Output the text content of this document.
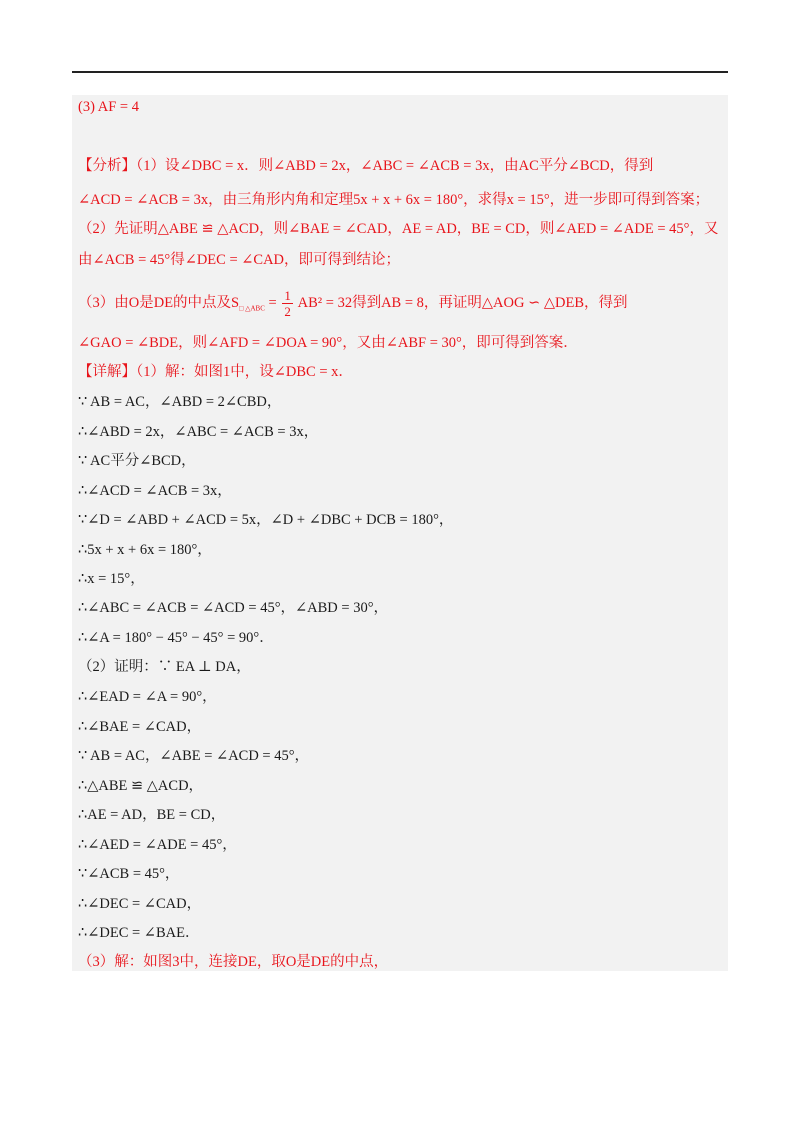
(3) AF = 4
【分析】（1）设∠DBC = x．则∠ABD = 2x，∠ABC = ∠ACB = 3x，由AC平分∠BCD，得到
∠ACD = ∠ACB = 3x，由三角形内角和定理5x + x + 6x = 180°，求得x = 15°，进一步即可得到答案；
（2）先证明△ABE ≌ △ACD，则∠BAE = ∠CAD，AE = AD，BE = CD，则∠AED = ∠ADE = 45°，又
由∠ACB = 45°得∠DEC = ∠CAD，即可得到结论；
（3）由O是DE的中点及$S_{□ \triangle ABC} = \frac{1}{2} AB^2 = 32$得到AB = 8，再证明△AOG ∽ △DEB，得到
∠GAO = ∠BDE，则∠AFD = ∠DOA = 90°，又由∠ABF = 30°，即可得到答案．
【详解】（1）解：如图1中，设∠DBC = x．
∵ AB = AC，∠ABD = 2∠CBD，
∴∠ABD = 2x，∠ABC = ∠ACB = 3x，
∵ AC平分∠BCD，
∴∠ACD = ∠ACB = 3x，
∵∠D = ∠ABD + ∠ACD = 5x，∠D + ∠DBC + DCB = 180°，
∴5x + x + 6x = 180°，
∴x = 15°，
∴∠ABC = ∠ACB = ∠ACD = 45°，∠ABD = 30°，
∴∠A = 180° − 45° − 45° = 90°．
（2）证明：∵ EA ⊥ DA，
∴∠EAD = ∠A = 90°，
∴∠BAE = ∠CAD，
∵ AB = AC，∠ABE = ∠ACD = 45°，
∴△ABE ≌ △ACD，
∴AE = AD，BE = CD，
∴∠AED = ∠ADE = 45°，
∵∠ACB = 45°，
∴∠DEC = ∠CAD，
∴∠DEC = ∠BAE．
（3）解：如图3中，连接DE，取O是DE的中点，
